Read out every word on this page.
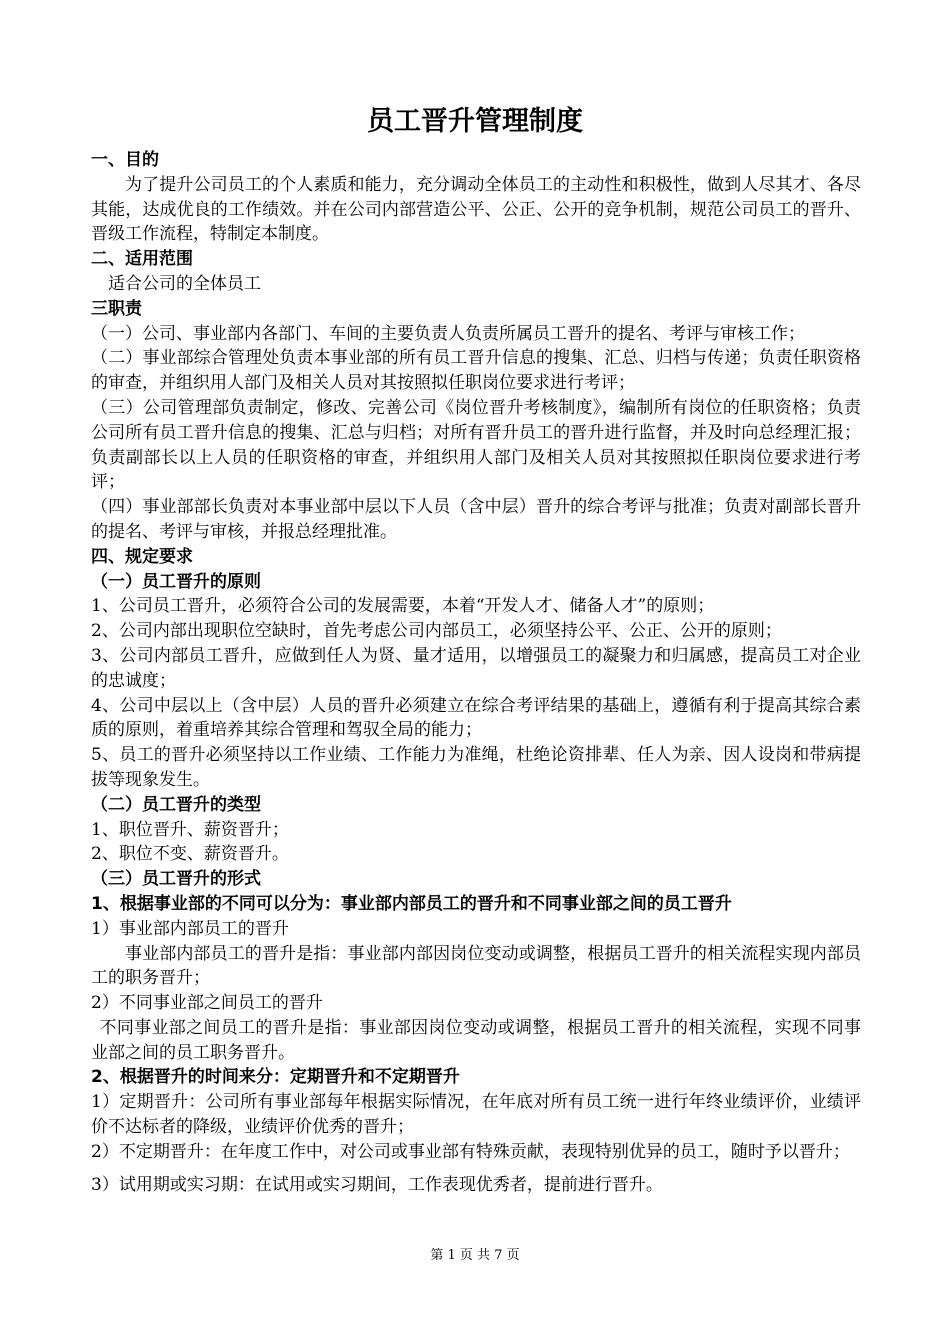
员工晋升管理制度

一、目的

为了提升公司员工的个人素质和能力，充分调动全体员工的主动性和积极性，做到人尽其才、各尽其能，达成优良的工作绩效。并在公司内部营造公平、公正、公开的竞争机制，规范公司员工的晋升、晋级工作流程，特制定本制度。

二、适用范围

适合公司的全体员工

三职责

（一）公司、事业部内各部门、车间的主要负责人负责所属员工晋升的提名、考评与审核工作；

（二）事业部综合管理处负责本事业部的所有员工晋升信息的搜集、汇总、归档与传递；负责任职资格的审查，并组织用人部门及相关人员对其按照拟任职岗位要求进行考评；

（三）公司管理部负责制定，修改、完善公司《岗位晋升考核制度》，编制所有岗位的任职资格；负责公司所有员工晋升信息的搜集、汇总与归档；对所有晋升员工的晋升进行监督，并及时向总经理汇报；负责副部长以上人员的任职资格的审查，并组织用人部门及相关人员对其按照拟任职岗位要求进行考评；

（四）事业部部长负责对本事业部中层以下人员（含中层）晋升的综合考评与批准；负责对副部长晋升的提名、考评与审核，并报总经理批准。

四、规定要求

（一）员工晋升的原则

1、公司员工晋升，必须符合公司的发展需要，本着“开发人才、储备人才”的原则；

2、公司内部出现职位空缺时，首先考虑公司内部员工，必须坚持公平、公正、公开的原则；

3、公司内部员工晋升，应做到任人为贤、量才适用，以增强员工的凝聚力和归属感，提高员工对企业的忠诚度；

4、公司中层以上（含中层）人员的晋升必须建立在综合考评结果的基础上，遵循有利于提高其综合素质的原则，着重培养其综合管理和驾驭全局的能力；

5、员工的晋升必须坚持以工作业绩、工作能力为准绳，杜绝论资排辈、任人为亲、因人设岗和带病提拔等现象发生。

（二）员工晋升的类型

1、职位晋升、薪资晋升；

2、职位不变、薪资晋升。

（三）员工晋升的形式

1、根据事业部的不同可以分为：事业部内部员工的晋升和不同事业部之间的员工晋升

1）事业部内部员工的晋升

事业部内部员工的晋升是指：事业部内部因岗位变动或调整，根据员工晋升的相关流程实现内部员工的职务晋升；

2）不同事业部之间员工的晋升

不同事业部之间员工的晋升是指：事业部因岗位变动或调整，根据员工晋升的相关流程，实现不同事业部之间的员工职务晋升。

2、根据晋升的时间来分：定期晋升和不定期晋升

1）定期晋升：公司所有事业部每年根据实际情况，在年底对所有员工统一进行年终业绩评价，业绩评价不达标者的降级，业绩评价优秀的晋升；

2）不定期晋升：在年度工作中，对公司或事业部有特殊贡献，表现特别优异的员工，随时予以晋升；

3）试用期或实习期：在试用或实习期间，工作表现优秀者，提前进行晋升。

第 1 页 共 7 页
